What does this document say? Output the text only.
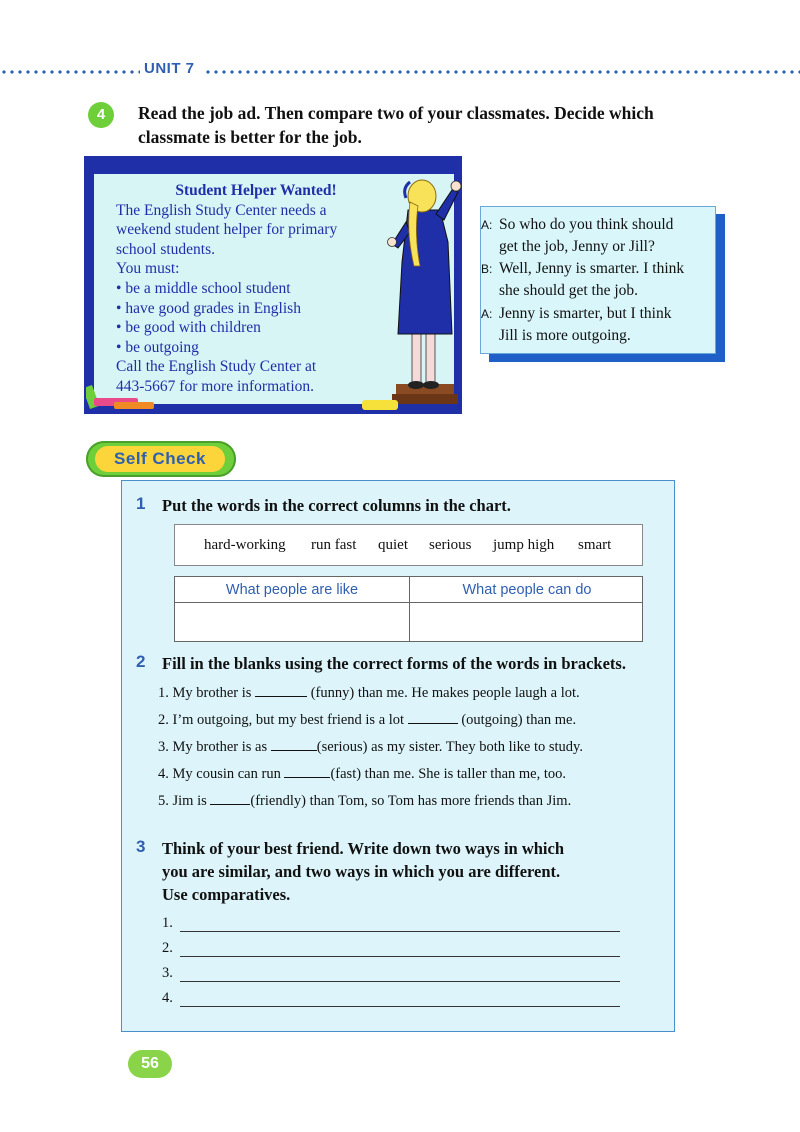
UNIT 7
4	Read the job ad. Then compare two of your classmates. Decide which
classmate is better for the job.
Student Helper Wanted!
The English Study Center needs a
weekend student helper for primary
school students.
You must:
• be a middle school student
• have good grades in English
• be good with children
• be outgoing
Call the English Study Center at
443-5667 for more information.
A: So who do you think should
get the job, Jenny or Jill?
B: Well, Jenny is smarter. I think
she should get the job.
A: Jenny is smarter, but I think
Jill is more outgoing.
Self Check
1 Put the words in the correct columns in the chart.
hard-working run fast quiet serious jump high smart
What people are like	What people can do
2 Fill in the blanks using the correct forms of the words in brackets.
1. My brother is	(funny) than me. He makes people laugh a lot.
2. I’m outgoing, but my best friend is a lot	(outgoing) than me.
3. My brother is as	(serious) as my sister. They both like to study.
4. My cousin can run	(fast) than me. She is taller than me, too.
5. Jim is	(friendly) than Tom, so Tom has more friends than Jim.
3 Think of your best friend. Write down two ways in which
you are similar, and two ways in which you are different.
Use comparatives.
1.
2.
3.
4.
56
